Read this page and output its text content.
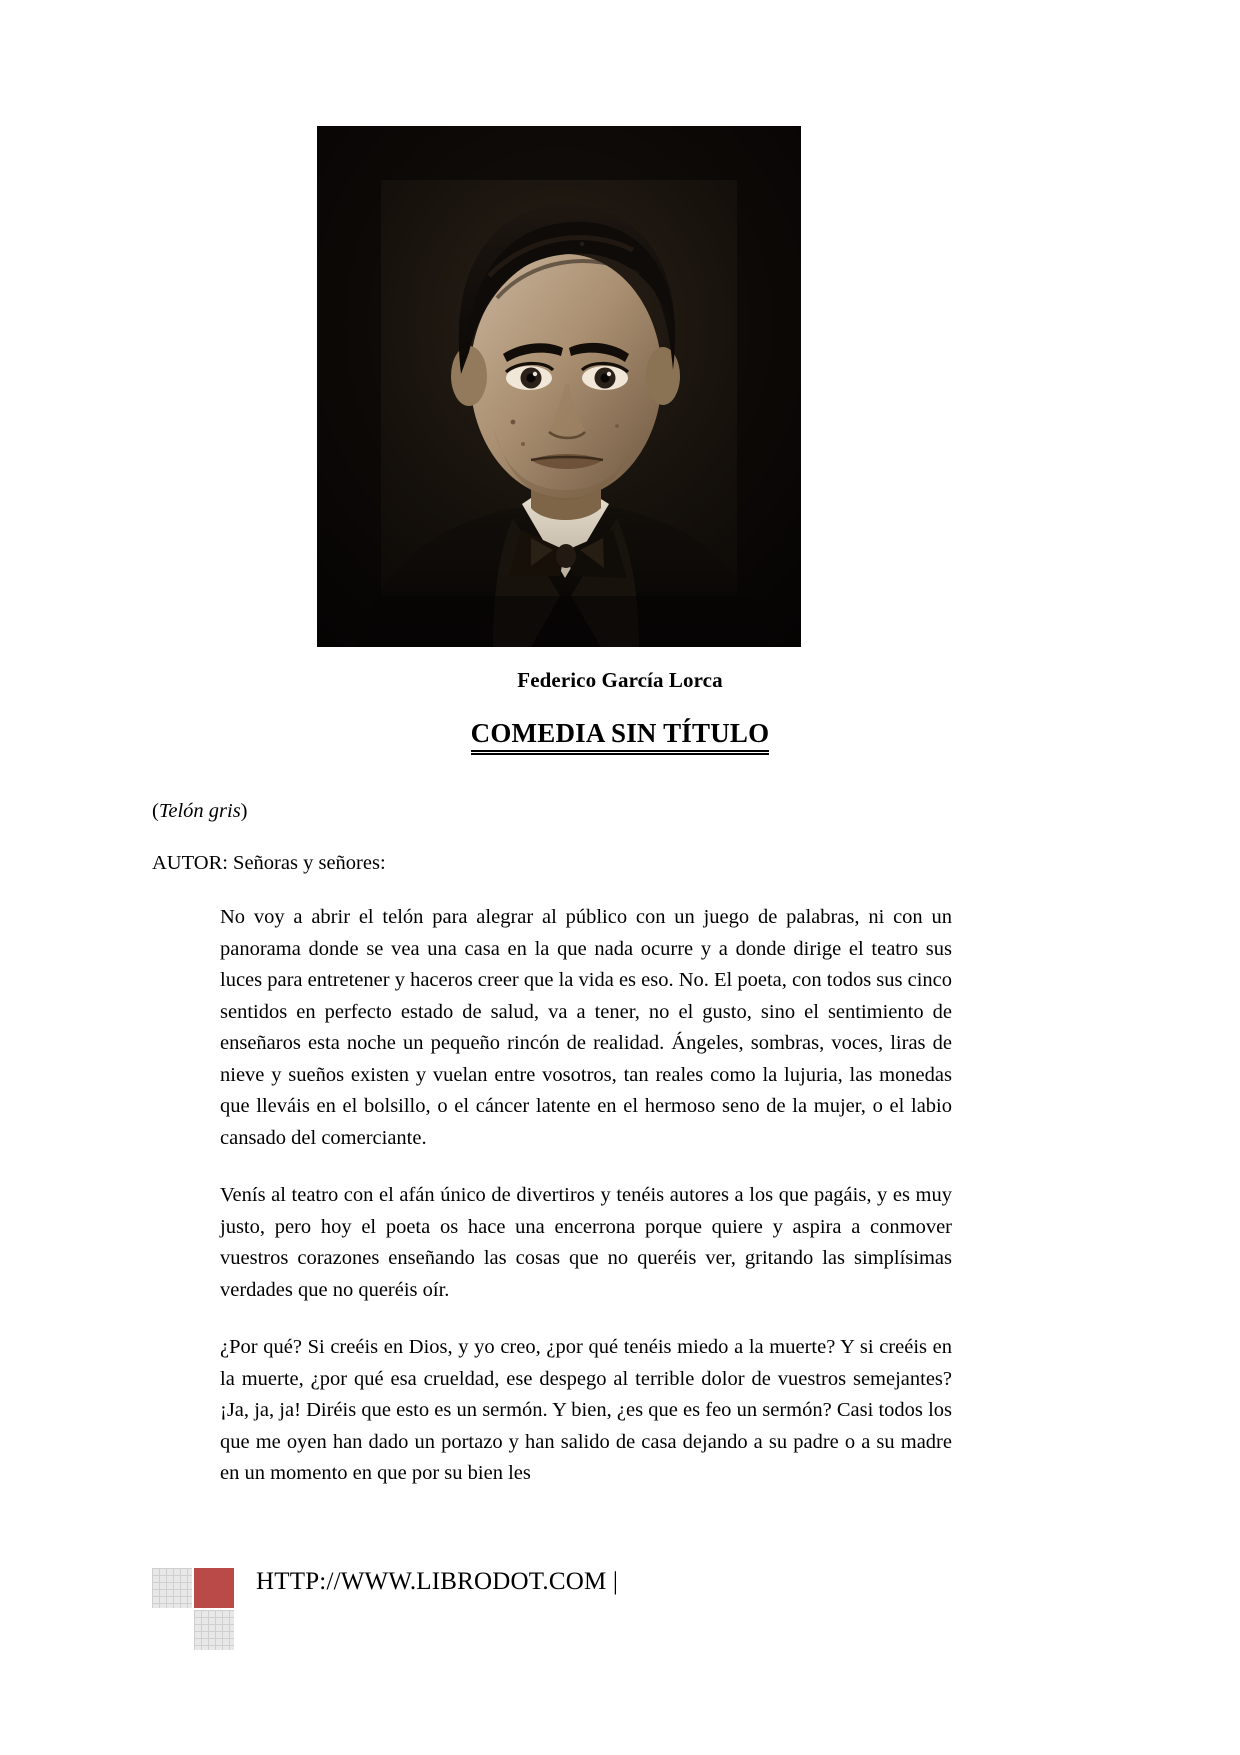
Federico García Lorca
COMEDIA SIN TÍTULO
(Telón gris)
AUTOR: Señoras y señores:

No voy a abrir el telón para alegrar al público con un juego de palabras, ni con un panorama donde se vea una casa en la que nada ocurre y a donde dirige el teatro sus luces para entretener y haceros creer que la vida es eso. No. El poeta, con todos sus cinco sentidos en perfecto estado de salud, va a tener, no el gusto, sino el sentimiento de enseñaros esta noche un pequeño rincón de realidad. Ángeles, sombras, voces, liras de nieve y sueños existen y vuelan entre vosotros, tan reales como la lujuria, las monedas que lleváis en el bolsillo, o el cáncer latente en el hermoso seno de la mujer, o el labio cansado del comerciante.

Venís al teatro con el afán único de divertiros y tenéis autores a los que pagáis, y es muy justo, pero hoy el poeta os hace una encerrona porque quiere y aspira a conmover vuestros corazones enseñando las cosas que no queréis ver, gritando las simplísimas verdades que no queréis oír.

¿Por qué? Si creéis en Dios, y yo creo, ¿por qué tenéis miedo a la muerte? Y si creéis en la muerte, ¿por qué esa crueldad, ese despego al terrible dolor de vuestros semejantes?¡Ja, ja, ja! Diréis que esto es un sermón. Y bien, ¿es que es feo un sermón? Casi todos los que me oyen han dado un portazo y han salido de casa dejando a su padre o a su madre en un momento en que por su bien les

HTTP://WWW.LIBRODOT.COM |
